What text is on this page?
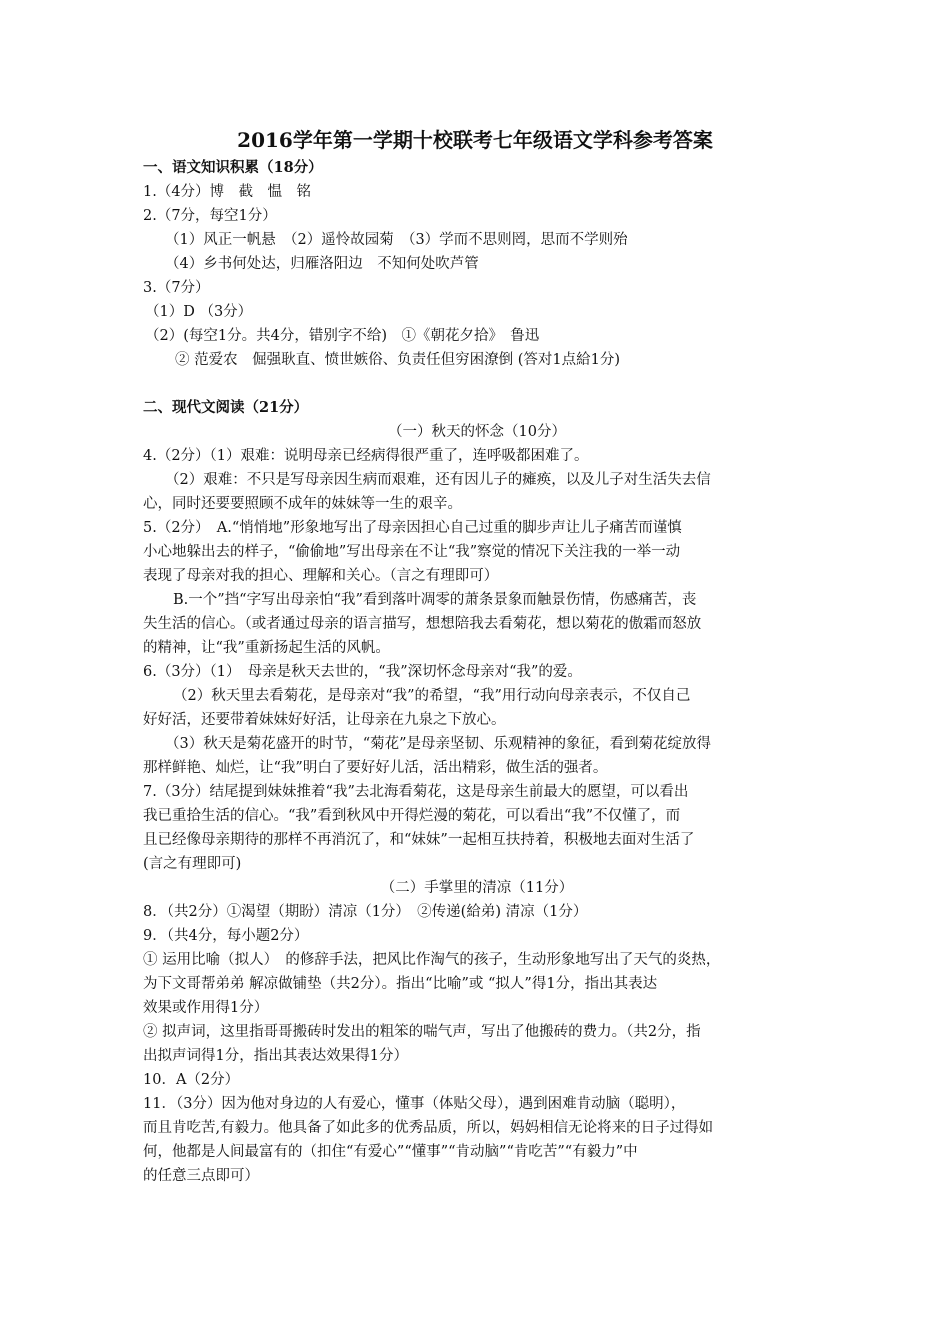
2016学年第一学期十校联考七年级语文学科参考答案
一、语文知识积累（18分）
1.（4分）博　截　愠　铭
2.（7分，每空1分）
（1）风正一帆悬　（2）遥怜故园菊　（3）学而不思则罔，思而不学则殆
（4）乡书何处达，归雁洛阳边　不知何处吹芦管
3.（7分）
（1）D （3分）
（2）(每空1分。共4分，错别字不给)　①《朝花夕拾》　鲁迅
② 范爱农　倔强耿直、愤世嫉俗、负责任但穷困潦倒 (答对1点給1分)
二、现代文阅读（21分）
（一）秋天的怀念（10分）
4.（2分）（1）艰难：说明母亲已经病得很严重了，连呼吸都困难了。
（2）艰难：不只是写母亲因生病而艰难，还有因儿子的瘫痪，以及儿子对生活失去信
心，同时还要要照顾不成年的妹妹等一生的艰辛。
5.（2分）　A.“悄悄地”形象地写出了母亲因担心自己过重的脚步声让儿子痛苦而谨慎
小心地躲出去的样子，“偷偷地”写出母亲在不让“我”察觉的情况下关注我的一举一动
表现了母亲对我的担心、理解和关心。（言之有理即可）
B.一个”挡“字写出母亲怕“我”看到落叶凋零的萧条景象而触景伤情，伤感痛苦，丧
失生活的信心。（或者通过母亲的语言描写，想想陪我去看菊花，想以菊花的傲霜而怒放
的精神，让“我”重新扬起生活的风帆。
6.（3分）（1）　母亲是秋天去世的，“我”深切怀念母亲对“我”的爱。
（2）秋天里去看菊花，是母亲对“我”的希望，“我”用行动向母亲表示，不仅自己
好好活，还要带着妹妹好好活，让母亲在九泉之下放心。
（3）秋天是菊花盛开的时节，“菊花”是母亲坚韧、乐观精神的象征，看到菊花绽放得
那样鲜艳、灿烂，让“我”明白了要好好儿活，活出精彩，做生活的强者。
7.（3分）结尾提到妹妹推着“我”去北海看菊花，这是母亲生前最大的愿望，可以看出
我已重拾生活的信心。“我”看到秋风中开得烂漫的菊花，可以看出“我”不仅懂了，而
且已经像母亲期待的那样不再消沉了，和“妹妹”一起相互扶持着，积极地去面对生活了
(言之有理即可)
（二）手掌里的清凉（11分）
8．（共2分）①渴望（期盼）清凉（1分）　②传递(給弟) 清凉（1分）
9．（共4分，每小题2分）
① 运用比喻（拟人）　的修辞手法，把风比作淘气的孩子，生动形象地写出了天气的炎热，
为下文哥帮弟弟 解凉做铺垫（共2分）。指出“比喻”或 “拟人”得1分，指出其表达
效果或作用得1分）
② 拟声词，这里指哥哥搬砖时发出的粗笨的喘气声，写出了他搬砖的费力。（共2分，指
出拟声词得1分，指出其表达效果得1分）
10．A（2分）
11．（3分）因为他对身边的人有爱心，懂事（体贴父母），遇到困难肯动脑（聪明），
而且肯吃苦,有毅力。他具备了如此多的优秀品质，所以，妈妈相信无论将来的日子过得如
何，他都是人间最富有的（扣住“有爱心”“懂事”“肯动脑”“肯吃苦”“有毅力”中
的任意三点即可）
